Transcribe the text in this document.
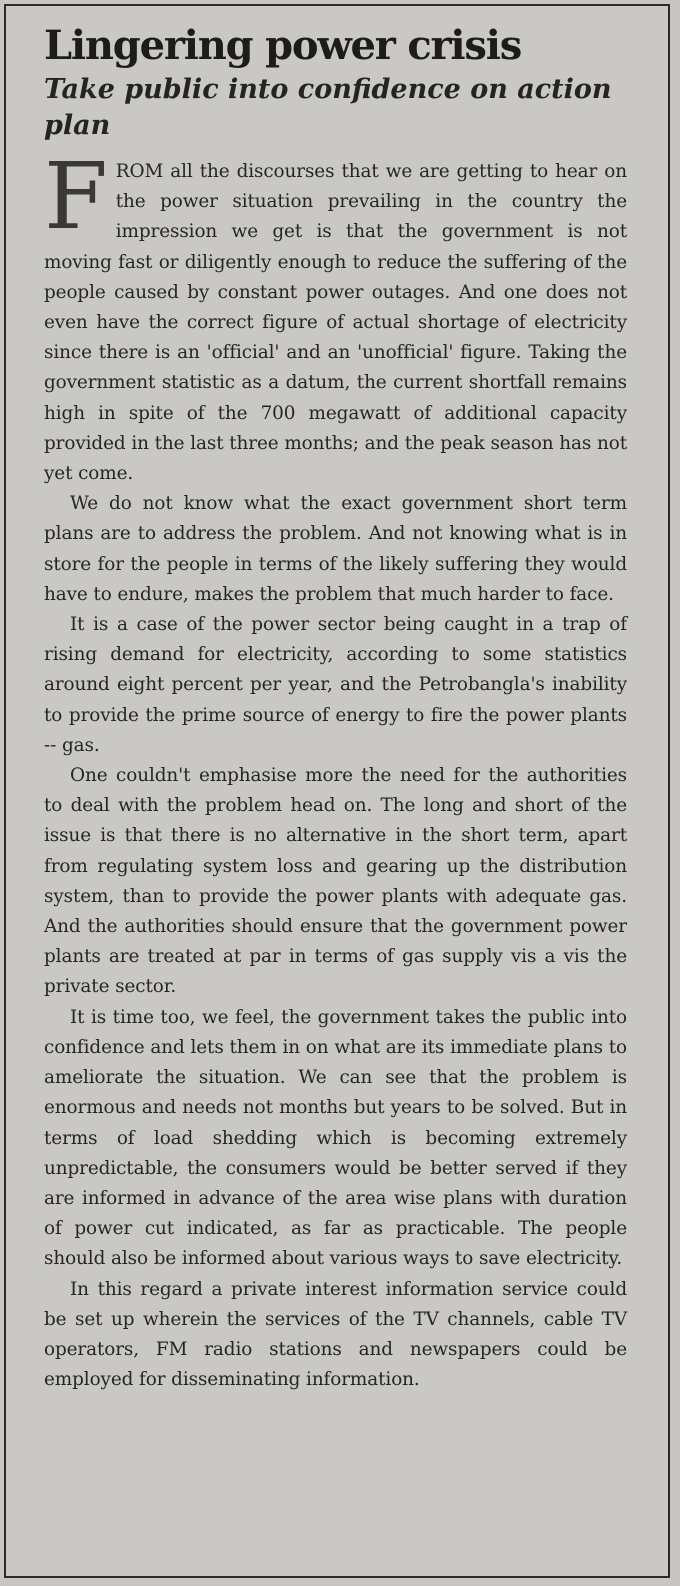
Lingering power crisis
Take public into confidence on action plan

FROM all the discourses that we are getting to hear on the power situation prevailing in the country the impression we get is that the government is not moving fast or diligently enough to reduce the suffering of the people caused by constant power outages. And one does not even have the correct figure of actual shortage of electricity since there is an 'official' and an 'unofficial' figure. Taking the government statistic as a datum, the current shortfall remains high in spite of the 700 megawatt of additional capacity provided in the last three months; and the peak season has not yet come.

We do not know what the exact government short term plans are to address the problem. And not knowing what is in store for the people in terms of the likely suffering they would have to endure, makes the problem that much harder to face.

It is a case of the power sector being caught in a trap of rising demand for electricity, according to some statistics around eight percent per year, and the Petrobangla's inability to provide the prime source of energy to fire the power plants -- gas.

One couldn't emphasise more the need for the authorities to deal with the problem head on. The long and short of the issue is that there is no alternative in the short term, apart from regulating system loss and gearing up the distribution system, than to provide the power plants with adequate gas. And the authorities should ensure that the government power plants are treated at par in terms of gas supply vis a vis the private sector.

It is time too, we feel, the government takes the public into confidence and lets them in on what are its immediate plans to ameliorate the situation. We can see that the problem is enormous and needs not months but years to be solved. But in terms of load shedding which is becoming extremely unpredictable, the consumers would be better served if they are informed in advance of the area wise plans with duration of power cut indicated, as far as practicable. The people should also be informed about various ways to save electricity.

In this regard a private interest information service could be set up wherein the services of the TV channels, cable TV operators, FM radio stations and newspapers could be employed for disseminating information.
